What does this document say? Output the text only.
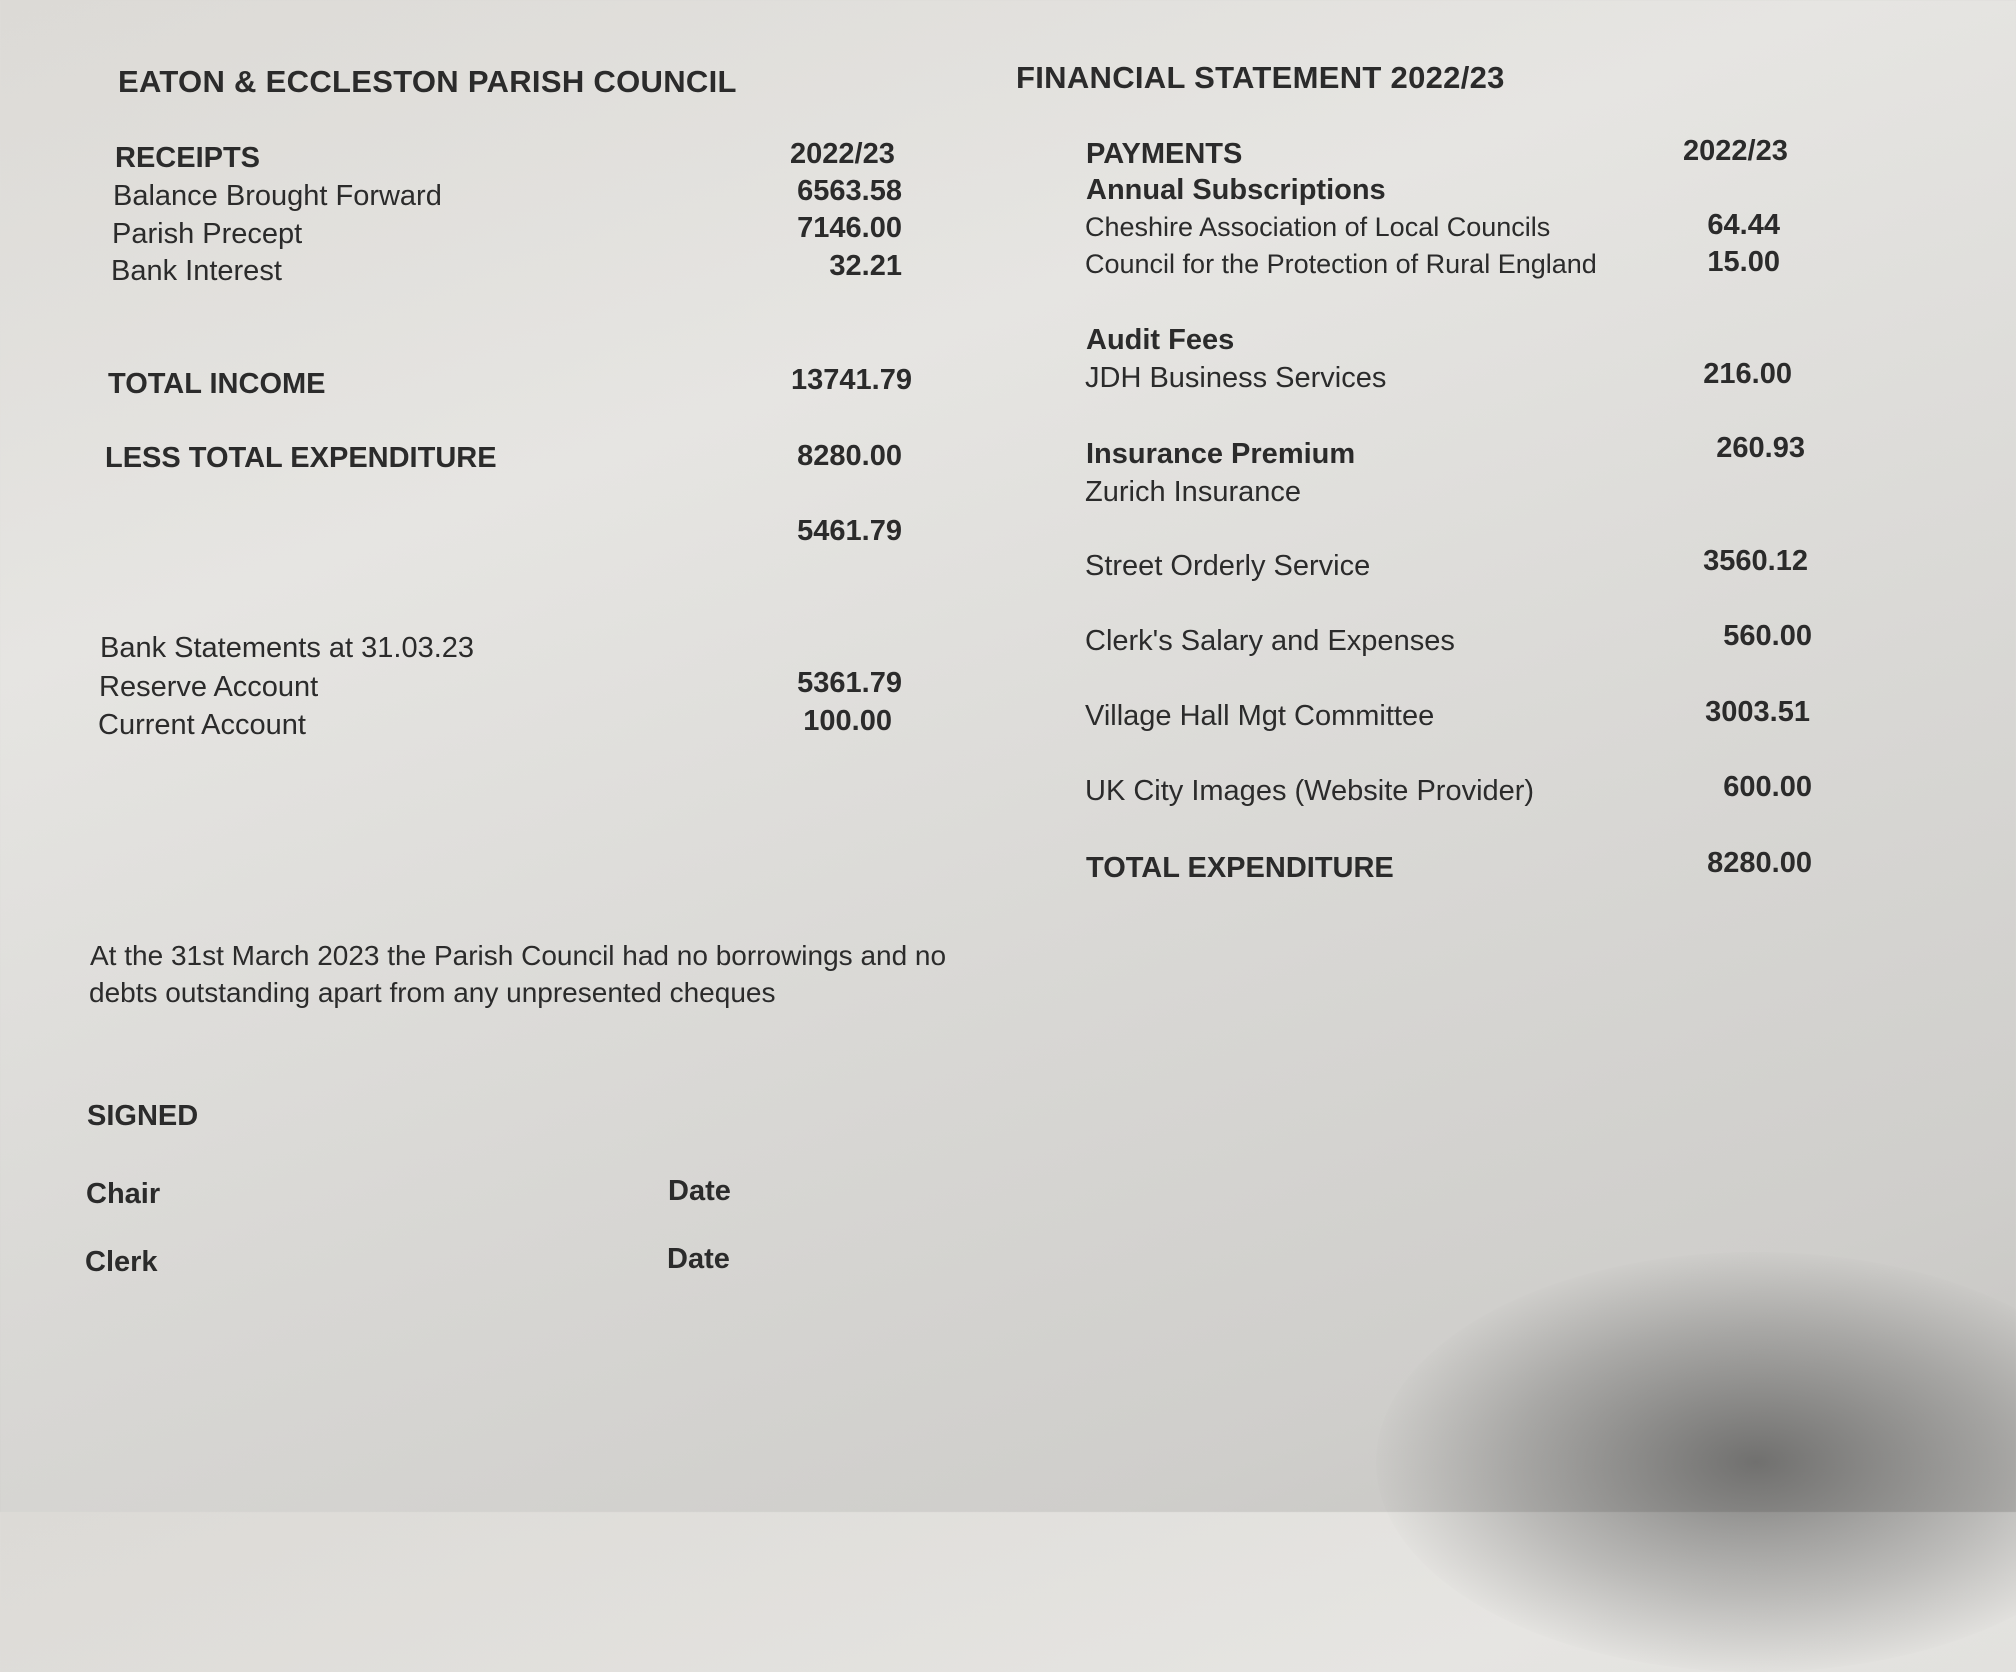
EATON & ECCLESTON PARISH COUNCIL	FINANCIAL STATEMENT 2022/23
RECEIPTS	2022/23
Balance Brought Forward	6563.58
Parish Precept	7146.00
Bank Interest	32.21
TOTAL INCOME	13741.79
LESS TOTAL EXPENDITURE	8280.00
5461.79
Bank Statements at 31.03.23
Reserve Account	5361.79
Current Account	100.00
PAYMENTS	2022/23
Annual Subscriptions
Cheshire Association of Local Councils	64.44
Council for the Protection of Rural England	15.00
Audit Fees
JDH Business Services	216.00
Insurance Premium	260.93
Zurich Insurance
Street Orderly Service	3560.12
Clerk's Salary and Expenses	560.00
Village Hall Mgt Committee	3003.51
UK City Images (Website Provider)	600.00
TOTAL EXPENDITURE	8280.00
At the 31st March 2023 the Parish Council had no borrowings and no
debts outstanding apart from any unpresented cheques
SIGNED
Chair	Date
Clerk	Date
